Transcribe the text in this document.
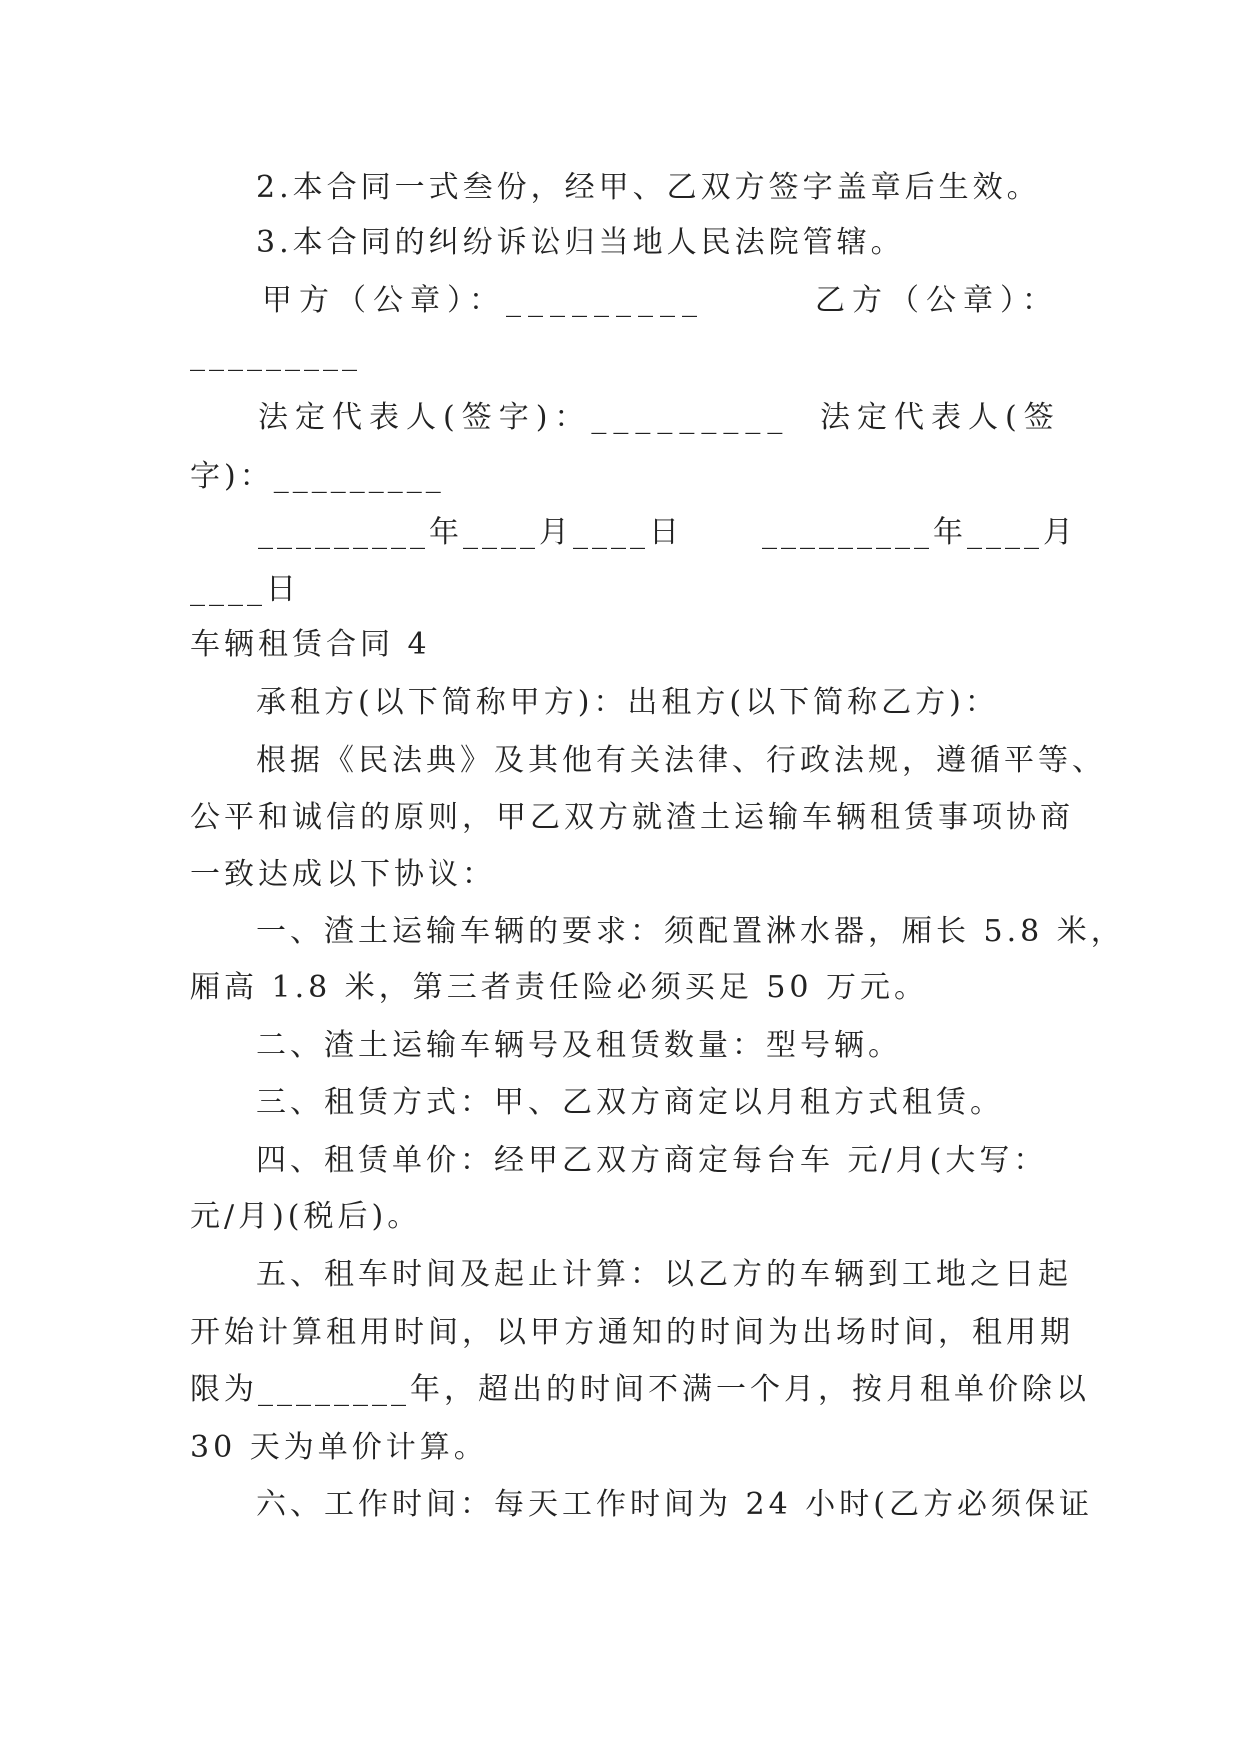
2.本合同一式叁份，经甲、乙双方签字盖章后生效。
3.本合同的纠纷诉讼归当地人民法院管辖。
甲方（公章）：_________	乙方（公章）：
_________
法定代表人(签字)：_________ 法定代表人(签
字)：_________
_________年____月____日	_________年____月
____日
车辆租赁合同 4
承租方(以下简称甲方)：出租方(以下简称乙方)：
根据《民法典》及其他有关法律、行政法规，遵循平等、
公平和诚信的原则，甲乙双方就渣土运输车辆租赁事项协商
一致达成以下协议：
一、渣土运输车辆的要求：须配置淋水器，厢长 5.8 米，
厢高 1.8 米，第三者责任险必须买足 50 万元。
二、渣土运输车辆号及租赁数量：型号辆。
三、租赁方式：甲、乙双方商定以月租方式租赁。
四、租赁单价：经甲乙双方商定每台车 元/月(大写：
元/月)(税后)。
五、租车时间及起止计算：以乙方的车辆到工地之日起
开始计算租用时间，以甲方通知的时间为出场时间，租用期
限为________年，超出的时间不满一个月，按月租单价除以
30 天为单价计算。
六、工作时间：每天工作时间为 24 小时(乙方必须保证
